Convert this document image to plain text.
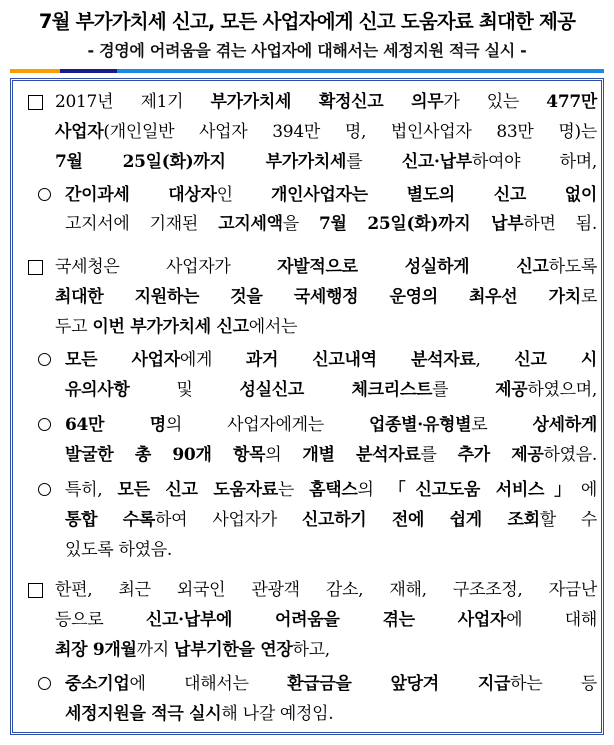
7월 부가가치세 신고, 모든 사업자에게 신고 도움자료 최대한 제공
- 경영에 어려움을 겪는 사업자에 대해서는 세정지원 적극 실시 -
2017년 제1기 부가가치세 확정신고 의무가 있는 477만
사업자(개인일반 사업자 394만 명, 법인사업자 83만 명)는
7월 25일(화)까지 부가가치세를 신고·납부하여야 하며,
간이과세 대상자인 개인사업자는 별도의 신고 없이
고지서에 기재된 고지세액을 7월 25일(화)까지 납부하면 됨.
국세청은 사업자가 자발적으로 성실하게 신고하도록
최대한 지원하는 것을 국세행정 운영의 최우선 가치로
두고 이번 부가가치세 신고에서는
모든 사업자에게 과거 신고내역 분석자료, 신고 시
유의사항 및 성실신고 체크리스트를 제공하였으며,
64만 명의 사업자에게는 업종별·유형별로 상세하게
발굴한 총 90개 항목의 개별 분석자료를 추가 제공하였음.
특히, 모든 신고 도움자료는 홈택스의 「신고도움 서비스」에
통합 수록하여 사업자가 신고하기 전에 쉽게 조회할 수
있도록 하였음.
한편, 최근 외국인 관광객 감소, 재해, 구조조정, 자금난
등으로 신고·납부에 어려움을 겪는 사업자에 대해
최장 9개월까지 납부기한을 연장하고,
중소기업에 대해서는 환급금을 앞당겨 지급하는 등
세정지원을 적극 실시해 나갈 예정임.
